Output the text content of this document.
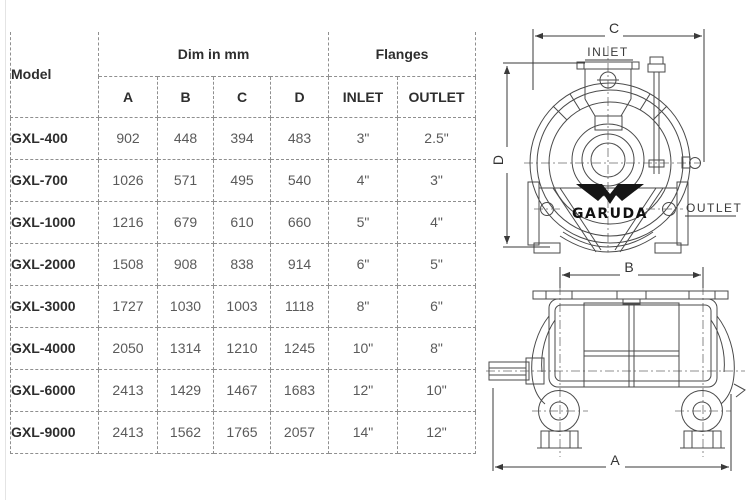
Model	Dim in mm				Flanges	
	A	B	C	D	INLET	OUTLET
GXL-400	902	448	394	483	3"	2.5"
GXL-700	1026	571	495	540	4"	3"
GXL-1000	1216	679	610	660	5"	4"
GXL-2000	1508	908	838	914	6"	5"
GXL-3000	1727	1030	1003	1118	8"	6"
GXL-4000	2050	1314	1210	1245	10"	8"
GXL-6000	2413	1429	1467	1683	12"	10"
GXL-9000	2413	1562	1765	2057	14"	12"
GARUDA
INLET
OUTLET
C
D
B
A
